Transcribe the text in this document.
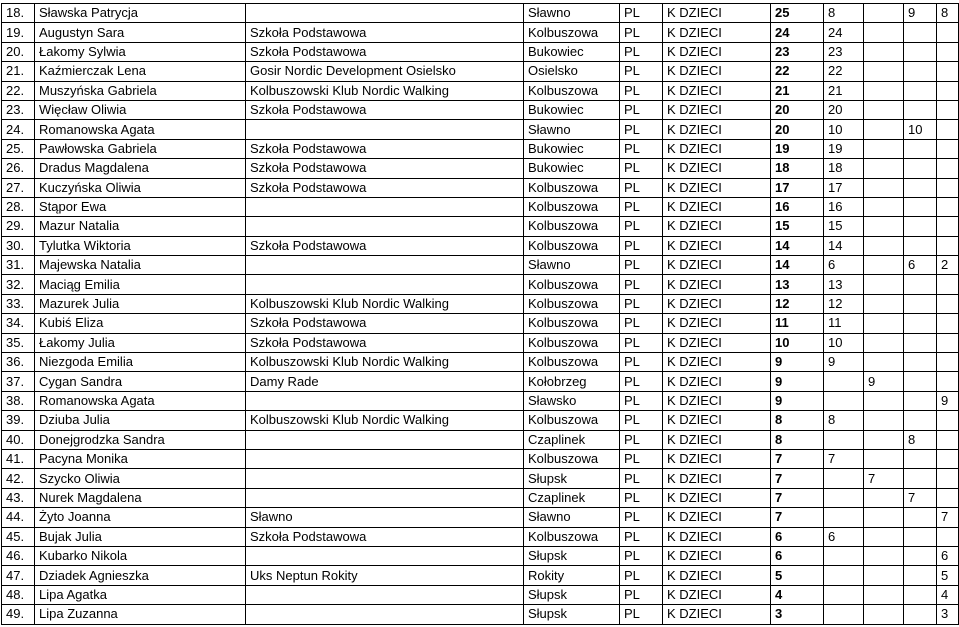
18.	Sławska Patrycja		Sławno	PL	K DZIECI	25	8		9	8
19.	Augustyn Sara	Szkoła Podstawowa	Kolbuszowa	PL	K DZIECI	24	24			
20.	Łakomy Sylwia	Szkoła Podstawowa	Bukowiec	PL	K DZIECI	23	23			
21.	Kaźmierczak Lena	Gosir Nordic Development Osielsko	Osielsko	PL	K DZIECI	22	22			
22.	Muszyńska Gabriela	Kolbuszowski Klub Nordic Walking	Kolbuszowa	PL	K DZIECI	21	21			
23.	Więcław Oliwia	Szkoła Podstawowa	Bukowiec	PL	K DZIECI	20	20			
24.	Romanowska Agata		Sławno	PL	K DZIECI	20	10		10	
25.	Pawłowska Gabriela	Szkoła Podstawowa	Bukowiec	PL	K DZIECI	19	19			
26.	Dradus Magdalena	Szkoła Podstawowa	Bukowiec	PL	K DZIECI	18	18			
27.	Kuczyńska Oliwia	Szkoła Podstawowa	Kolbuszowa	PL	K DZIECI	17	17			
28.	Stąpor Ewa		Kolbuszowa	PL	K DZIECI	16	16			
29.	Mazur Natalia		Kolbuszowa	PL	K DZIECI	15	15			
30.	Tylutka Wiktoria	Szkoła Podstawowa	Kolbuszowa	PL	K DZIECI	14	14			
31.	Majewska Natalia		Sławno	PL	K DZIECI	14	6		6	2
32.	Maciąg Emilia		Kolbuszowa	PL	K DZIECI	13	13			
33.	Mazurek Julia	Kolbuszowski Klub Nordic Walking	Kolbuszowa	PL	K DZIECI	12	12			
34.	Kubiś Eliza	Szkoła Podstawowa	Kolbuszowa	PL	K DZIECI	11	11			
35.	Łakomy Julia	Szkoła Podstawowa	Kolbuszowa	PL	K DZIECI	10	10			
36.	Niezgoda Emilia	Kolbuszowski Klub Nordic Walking	Kolbuszowa	PL	K DZIECI	9	9			
37.	Cygan Sandra	Damy Rade	Kołobrzeg	PL	K DZIECI	9		9		
38.	Romanowska Agata		Sławsko	PL	K DZIECI	9				9
39.	Dziuba Julia	Kolbuszowski Klub Nordic Walking	Kolbuszowa	PL	K DZIECI	8	8			
40.	Donejgrodzka Sandra		Czaplinek	PL	K DZIECI	8			8	
41.	Pacyna Monika		Kolbuszowa	PL	K DZIECI	7	7			
42.	Szycko Oliwia		Słupsk	PL	K DZIECI	7		7		
43.	Nurek Magdalena		Czaplinek	PL	K DZIECI	7			7	
44.	Żyto Joanna	Sławno	Sławno	PL	K DZIECI	7				7
45.	Bujak Julia	Szkoła Podstawowa	Kolbuszowa	PL	K DZIECI	6	6			
46.	Kubarko Nikola		Słupsk	PL	K DZIECI	6				6
47.	Dziadek Agnieszka	Uks Neptun Rokity	Rokity	PL	K DZIECI	5				5
48.	Lipa Agatka		Słupsk	PL	K DZIECI	4				4
49.	Lipa Zuzanna		Słupsk	PL	K DZIECI	3				3
